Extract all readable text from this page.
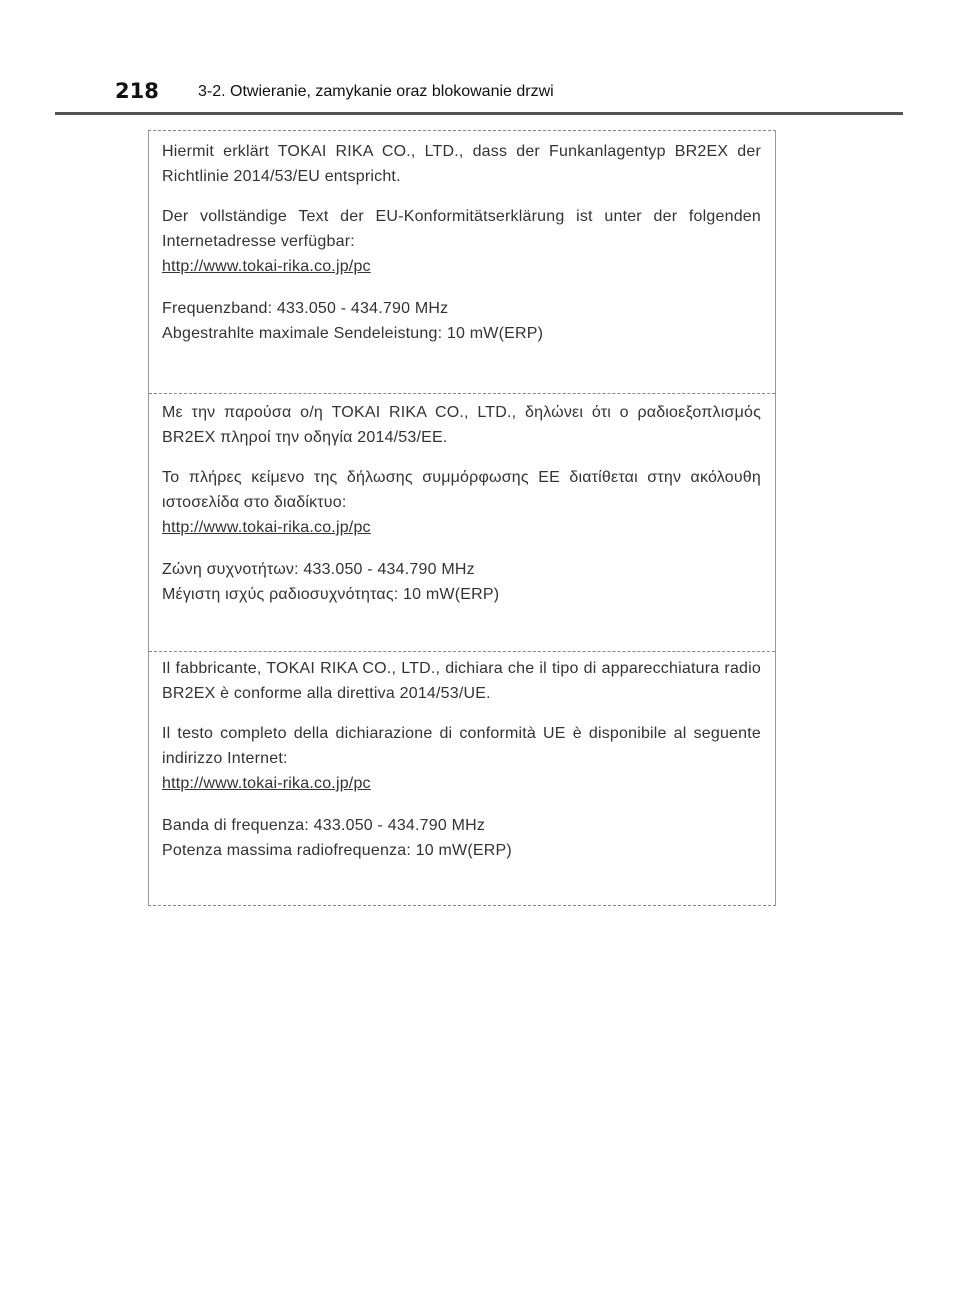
218 3-2. Otwieranie, zamykanie oraz blokowanie drzwi

Hiermit erklärt TOKAI RIKA CO., LTD., dass der Funkanlagentyp BR2EX der Richtlinie 2014/53/EU entspricht.

Der vollständige Text der EU-Konformitätserklärung ist unter der folgenden Internetadresse verfügbar:

http://www.tokai-rika.co.jp/pc

Frequenzband: 433.050 - 434.790 MHz

Abgestrahlte maximale Sendeleistung: 10 mW(ERP)

Με την παρούσα ο/η TOKAI RIKA CO., LTD., δηλώνει ότι ο ραδιοεξοπλισμός BR2EX πληροί την οδηγία 2014/53/ΕΕ.

Το πλήρες κείμενο της δήλωσης συμμόρφωσης ΕΕ διατίθεται στην ακόλουθη ιστοσελίδα στο διαδίκτυο:

http://www.tokai-rika.co.jp/pc

Ζώνη συχνοτήτων: 433.050 - 434.790 MHz

Μέγιστη ισχύς ραδιοσυχνότητας: 10 mW(ERP)

Il fabbricante, TOKAI RIKA CO., LTD., dichiara che il tipo di apparecchiatura radio BR2EX è conforme alla direttiva 2014/53/UE.

Il testo completo della dichiarazione di conformità UE è disponibile al seguente indirizzo Internet:

http://www.tokai-rika.co.jp/pc

Banda di frequenza: 433.050 - 434.790 MHz

Potenza massima radiofrequenza: 10 mW(ERP)
